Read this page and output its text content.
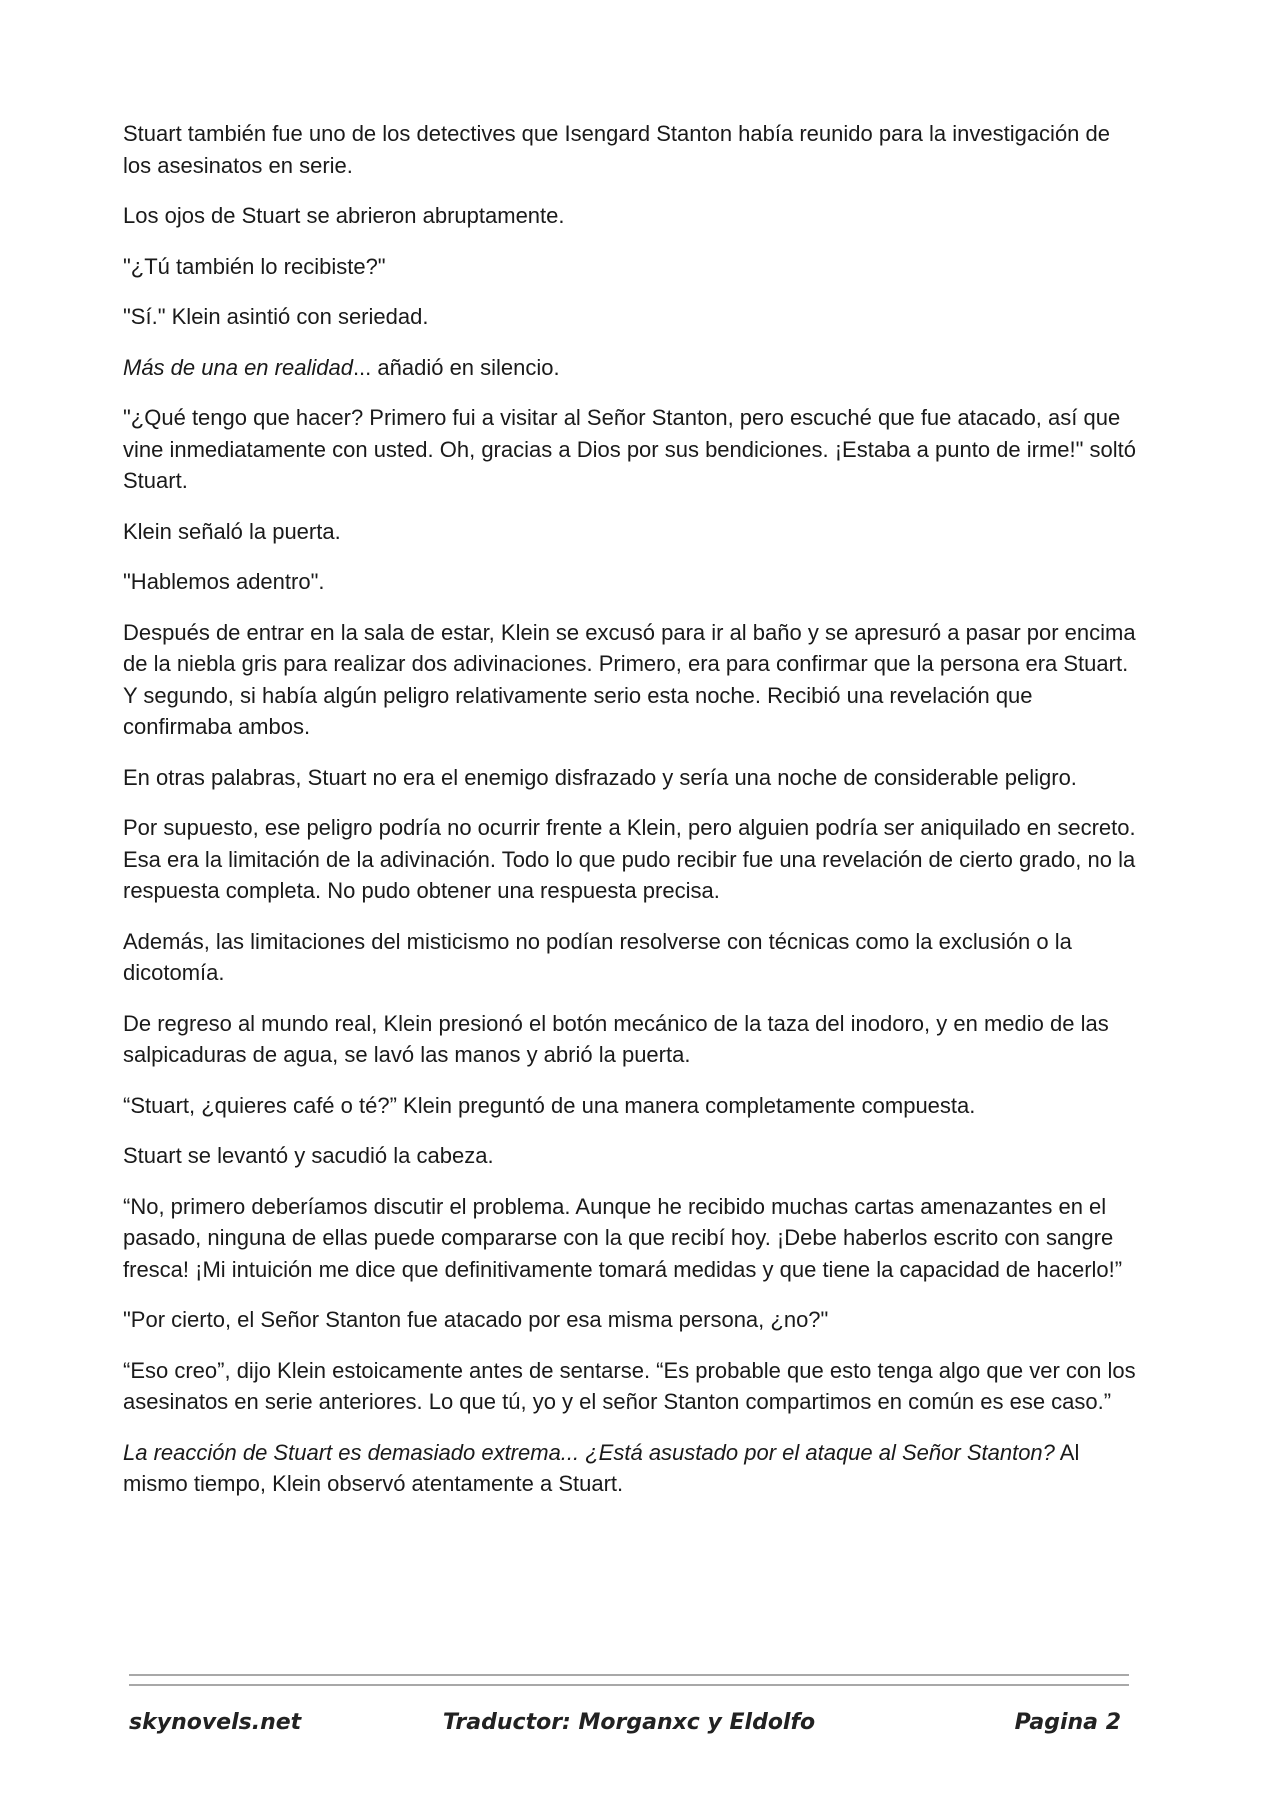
Stuart también fue uno de los detectives que Isengard Stanton había reunido para la investigación de los asesinatos en serie.

Los ojos de Stuart se abrieron abruptamente.

"¿Tú también lo recibiste?"

"Sí." Klein asintió con seriedad.

Más de una en realidad... añadió en silencio.

"¿Qué tengo que hacer? Primero fui a visitar al Señor Stanton, pero escuché que fue atacado, así que vine inmediatamente con usted. Oh, gracias a Dios por sus bendiciones. ¡Estaba a punto de irme!" soltó Stuart.

Klein señaló la puerta.

"Hablemos adentro".

Después de entrar en la sala de estar, Klein se excusó para ir al baño y se apresuró a pasar por encima de la niebla gris para realizar dos adivinaciones. Primero, era para confirmar que la persona era Stuart. Y segundo, si había algún peligro relativamente serio esta noche. Recibió una revelación que confirmaba ambos.

En otras palabras, Stuart no era el enemigo disfrazado y sería una noche de considerable peligro.

Por supuesto, ese peligro podría no ocurrir frente a Klein, pero alguien podría ser aniquilado en secreto. Esa era la limitación de la adivinación. Todo lo que pudo recibir fue una revelación de cierto grado, no la respuesta completa. No pudo obtener una respuesta precisa.

Además, las limitaciones del misticismo no podían resolverse con técnicas como la exclusión o la dicotomía.

De regreso al mundo real, Klein presionó el botón mecánico de la taza del inodoro, y en medio de las salpicaduras de agua, se lavó las manos y abrió la puerta.

“Stuart, ¿quieres café o té?” Klein preguntó de una manera completamente compuesta.

Stuart se levantó y sacudió la cabeza.

“No, primero deberíamos discutir el problema. Aunque he recibido muchas cartas amenazantes en el pasado, ninguna de ellas puede compararse con la que recibí hoy. ¡Debe haberlos escrito con sangre fresca! ¡Mi intuición me dice que definitivamente tomará medidas y que tiene la capacidad de hacerlo!”

"Por cierto, el Señor Stanton fue atacado por esa misma persona, ¿no?"

“Eso creo”, dijo Klein estoicamente antes de sentarse. “Es probable que esto tenga algo que ver con los asesinatos en serie anteriores. Lo que tú, yo y el señor Stanton compartimos en común es ese caso.”

La reacción de Stuart es demasiado extrema... ¿Está asustado por el ataque al Señor Stanton? Al mismo tiempo, Klein observó atentamente a Stuart.

skynovels.net	Traductor: Morganxc y Eldolfo	Pagina 2
